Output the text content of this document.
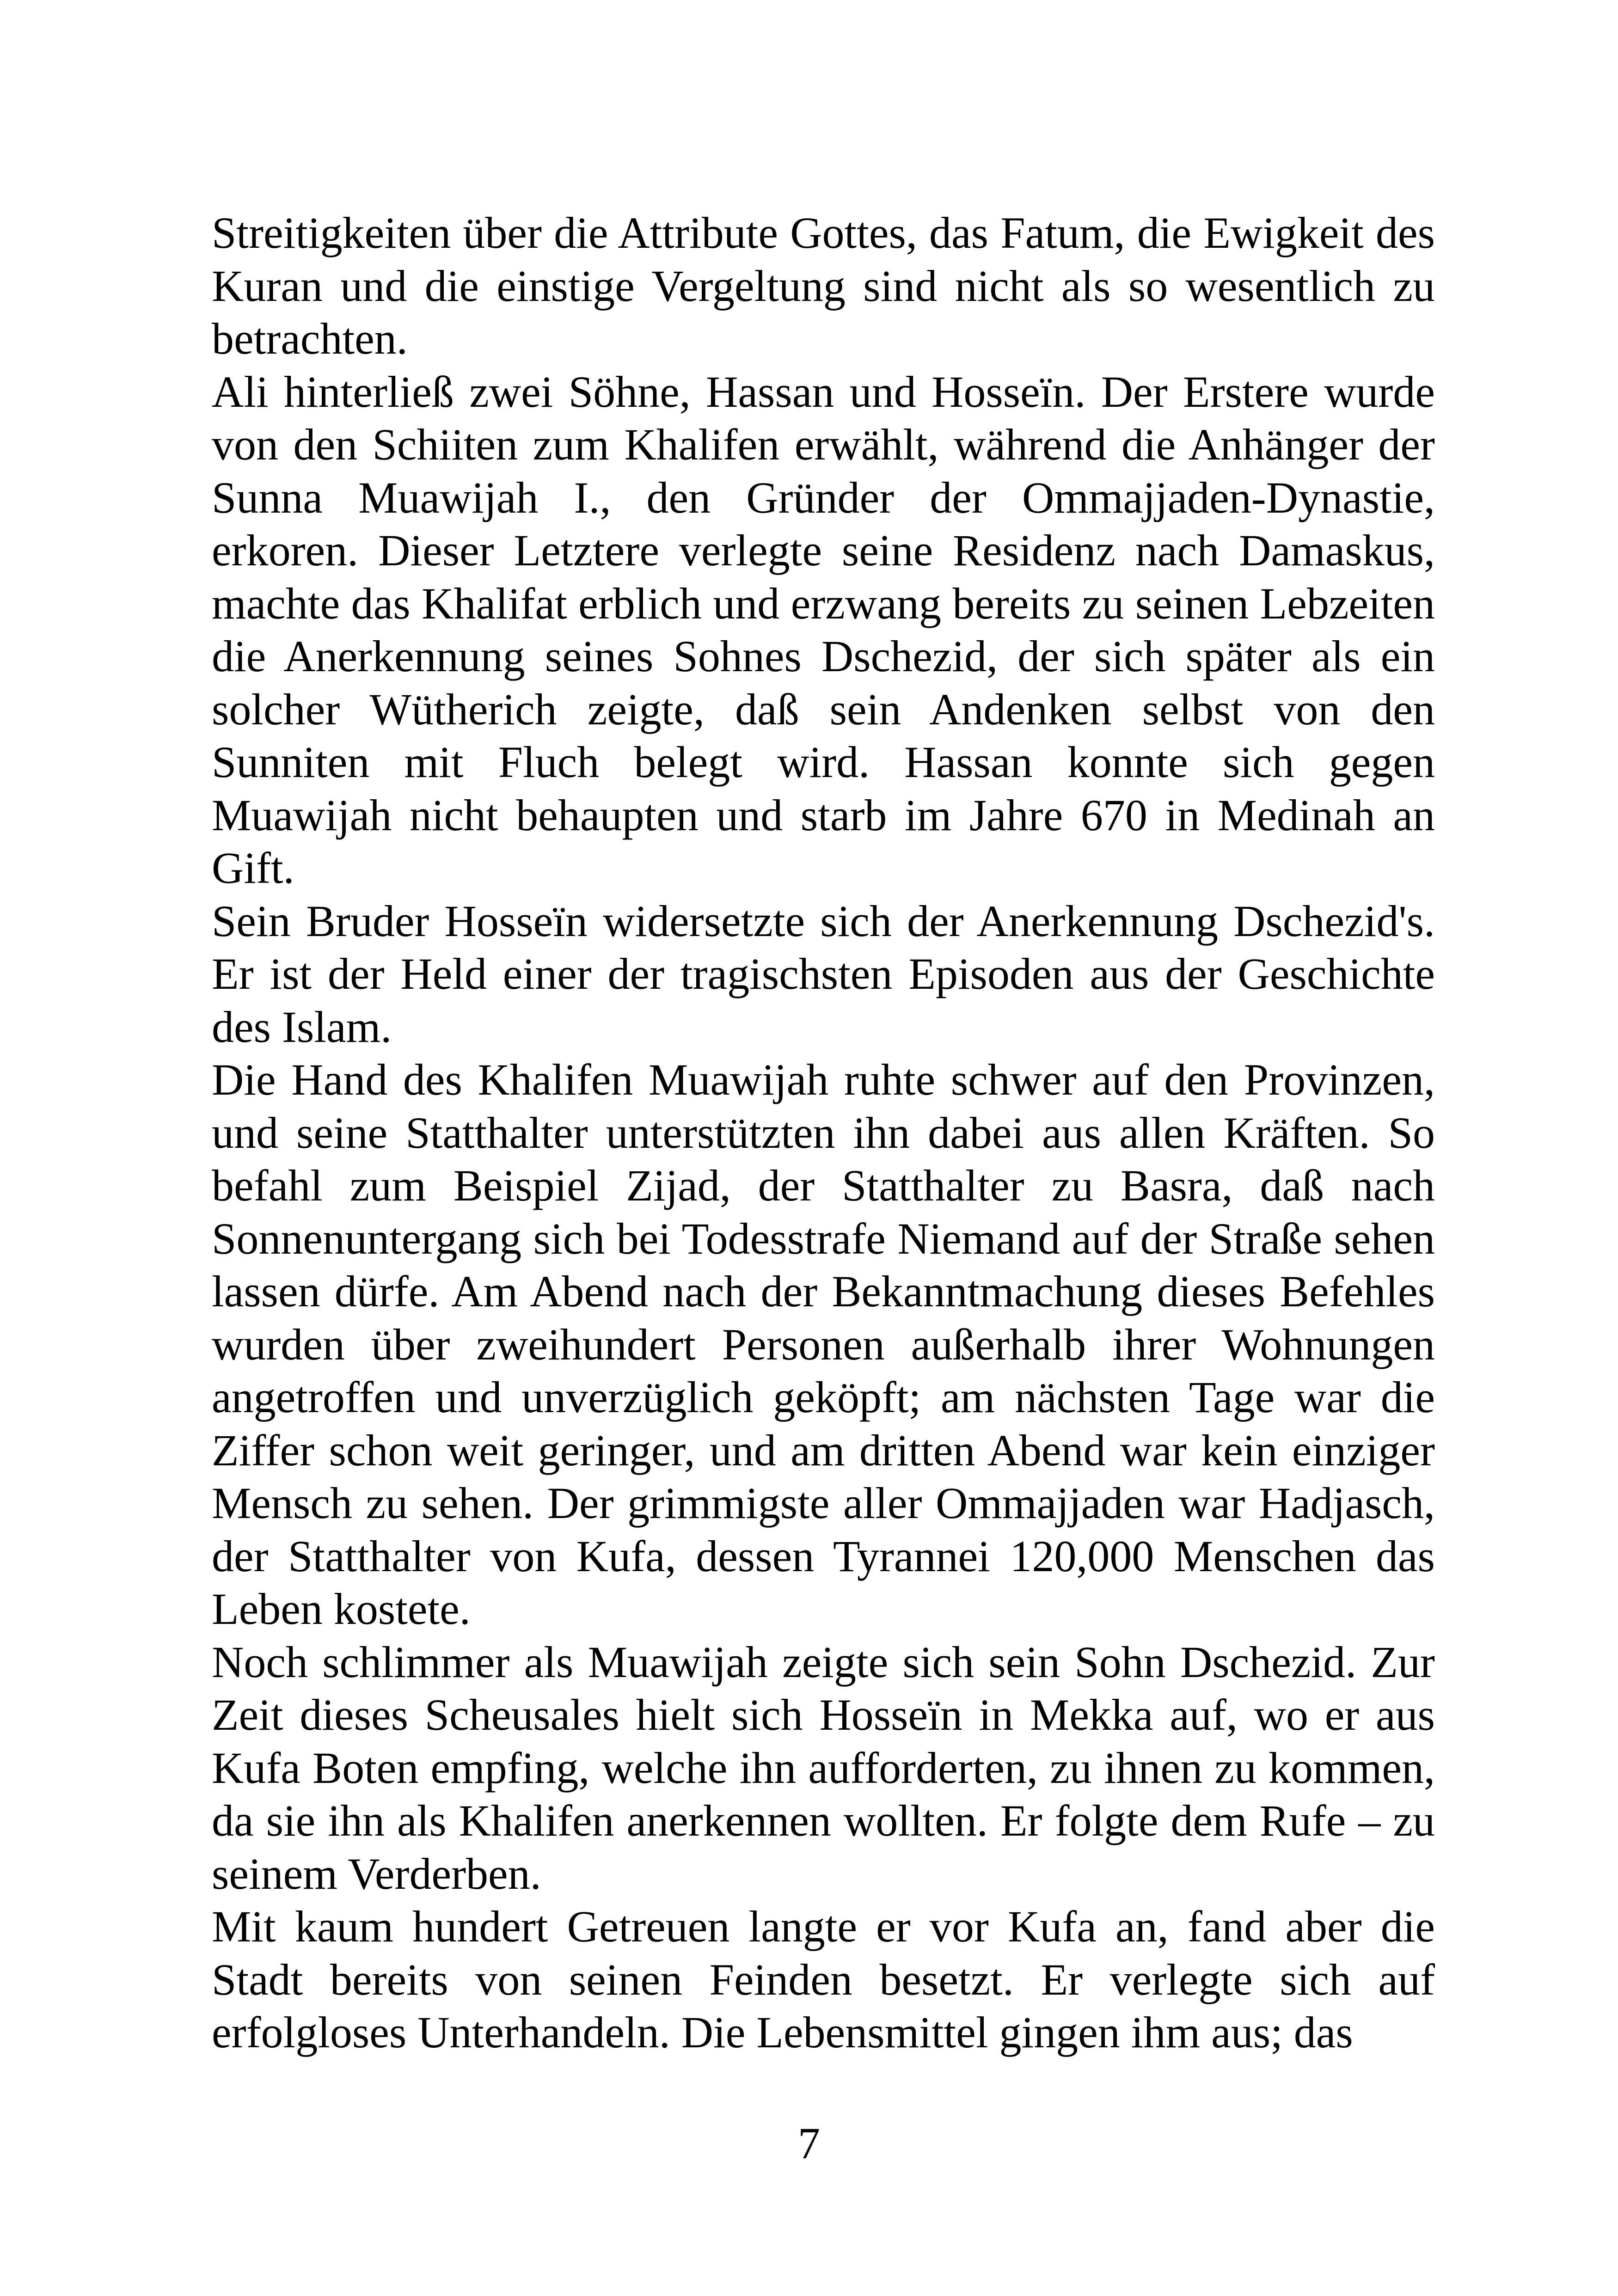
Streitigkeiten über die Attribute Gottes, das Fatum, die Ewigkeit des Kuran und die einstige Vergeltung sind nicht als so wesentlich zu betrachten.

Ali hinterließ zwei Söhne, Hassan und Hosseïn. Der Erstere wurde von den Schiiten zum Khalifen erwählt, während die Anhänger der Sunna Muawijah I., den Gründer der Ommajjaden-Dynastie, erkoren. Dieser Letztere verlegte seine Residenz nach Damaskus, machte das Khalifat erblich und erzwang bereits zu seinen Lebzeiten die Anerkennung seines Sohnes Dschezid, der sich später als ein solcher Wütherich zeigte, daß sein Andenken selbst von den Sunniten mit Fluch belegt wird. Hassan konnte sich gegen Muawijah nicht behaupten und starb im Jahre 670 in Medinah an Gift.

Sein Bruder Hosseïn widersetzte sich der Anerkennung Dschezid's. Er ist der Held einer der tragischsten Episoden aus der Geschichte des Islam.

Die Hand des Khalifen Muawijah ruhte schwer auf den Provinzen, und seine Statthalter unterstützten ihn dabei aus allen Kräften. So befahl zum Beispiel Zijad, der Statthalter zu Basra, daß nach Sonnenuntergang sich bei Todesstrafe Niemand auf der Straße sehen lassen dürfe. Am Abend nach der Bekanntmachung dieses Befehles wurden über zweihundert Personen außerhalb ihrer Wohnungen angetroffen und unverzüglich geköpft; am nächsten Tage war die Ziffer schon weit geringer, und am dritten Abend war kein einziger Mensch zu sehen. Der grimmigste aller Ommajjaden war Hadjasch, der Statthalter von Kufa, dessen Tyrannei 120,000 Menschen das Leben kostete.

Noch schlimmer als Muawijah zeigte sich sein Sohn Dschezid. Zur Zeit dieses Scheusales hielt sich Hosseïn in Mekka auf, wo er aus Kufa Boten empfing, welche ihn aufforderten, zu ihnen zu kommen, da sie ihn als Khalifen anerkennen wollten. Er folgte dem Rufe – zu seinem Verderben.

Mit kaum hundert Getreuen langte er vor Kufa an, fand aber die Stadt bereits von seinen Feinden besetzt. Er verlegte sich auf erfolgloses Unterhandeln. Die Lebensmittel gingen ihm aus; das

7
